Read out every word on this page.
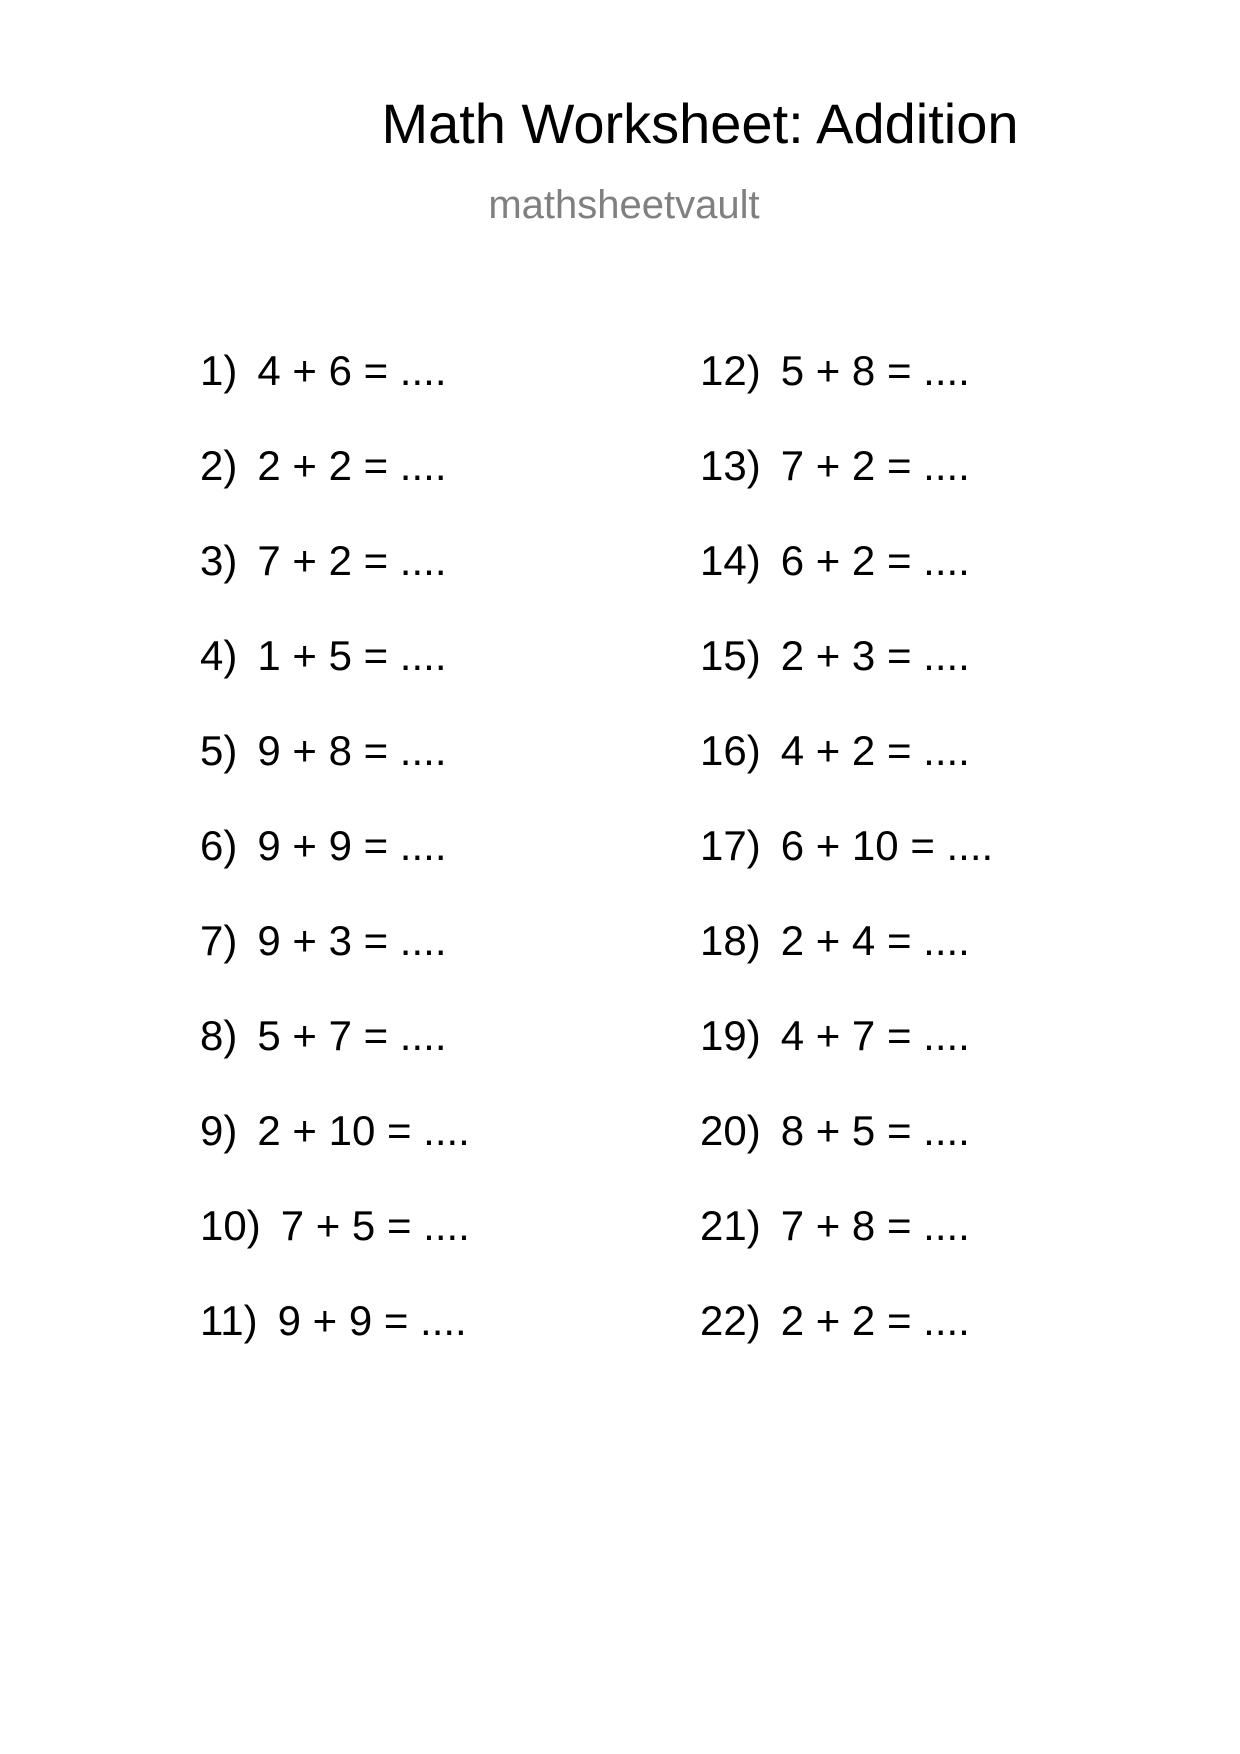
Math Worksheet: Addition
mathsheetvault
1) 4 + 6 = ....
2) 2 + 2 = ....
3) 7 + 2 = ....
4) 1 + 5 = ....
5) 9 + 8 = ....
6) 9 + 9 = ....
7) 9 + 3 = ....
8) 5 + 7 = ....
9) 2 + 10 = ....
10) 7 + 5 = ....
11) 9 + 9 = ....
12) 5 + 8 = ....
13) 7 + 2 = ....
14) 6 + 2 = ....
15) 2 + 3 = ....
16) 4 + 2 = ....
17) 6 + 10 = ....
18) 2 + 4 = ....
19) 4 + 7 = ....
20) 8 + 5 = ....
21) 7 + 8 = ....
22) 2 + 2 = ....
